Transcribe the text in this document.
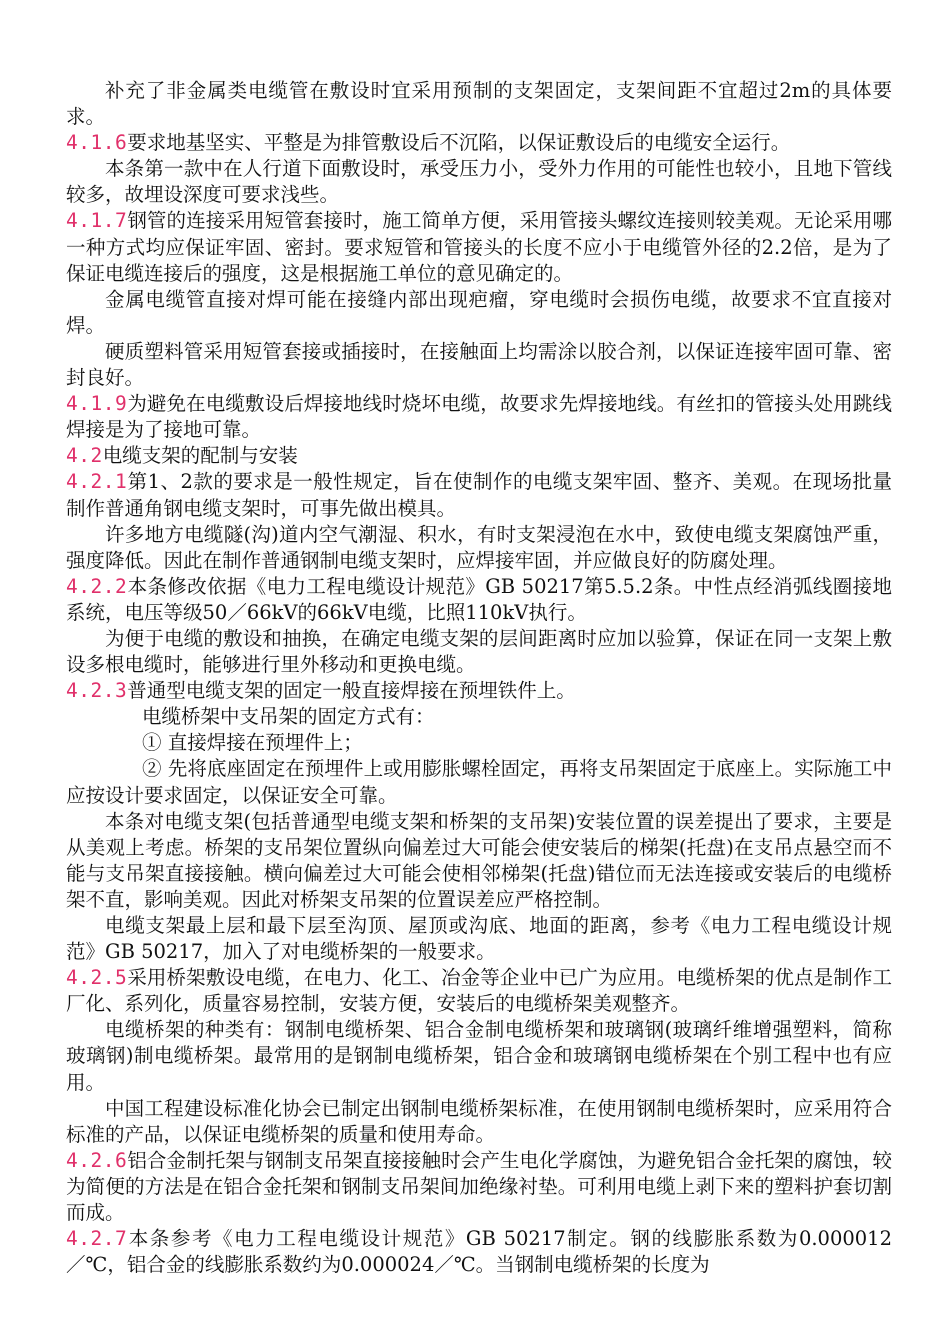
补充了非金属类电缆管在敷设时宜采用预制的支架固定，支架间距不宜超过2m的具体要求。

4.1.6要求地基坚实、平整是为排管敷设后不沉陷，以保证敷设后的电缆安全运行。

本条第一款中在人行道下面敷设时，承受压力小，受外力作用的可能性也较小，且地下管线较多，故埋设深度可要求浅些。

4.1.7钢管的连接采用短管套接时，施工简单方便，采用管接头螺纹连接则较美观。无论采用哪一种方式均应保证牢固、密封。要求短管和管接头的长度不应小于电缆管外径的2.2倍，是为了保证电缆连接后的强度，这是根据施工单位的意见确定的。

金属电缆管直接对焊可能在接缝内部出现疤瘤，穿电缆时会损伤电缆，故要求不宜直接对焊。

硬质塑料管采用短管套接或插接时，在接触面上均需涂以胶合剂，以保证连接牢固可靠、密封良好。

4.1.9为避免在电缆敷设后焊接地线时烧坏电缆，故要求先焊接地线。有丝扣的管接头处用跳线焊接是为了接地可靠。

4.2电缆支架的配制与安装

4.2.1第1、2款的要求是一般性规定，旨在使制作的电缆支架牢固、整齐、美观。在现场批量制作普通角钢电缆支架时，可事先做出模具。

许多地方电缆隧(沟)道内空气潮湿、积水，有时支架浸泡在水中，致使电缆支架腐蚀严重，强度降低。因此在制作普通钢制电缆支架时，应焊接牢固，并应做良好的防腐处理。

4.2.2本条修改依据《电力工程电缆设计规范》GB 50217第5.5.2条。中性点经消弧线圈接地系统，电压等级50／66kV的66kV电缆，比照110kV执行。

为便于电缆的敷设和抽换，在确定电缆支架的层间距离时应加以验算，保证在同一支架上敷设多根电缆时，能够进行里外移动和更换电缆。

4.2.3普通型电缆支架的固定一般直接焊接在预埋铁件上。

电缆桥架中支吊架的固定方式有：

① 直接焊接在预埋件上；

② 先将底座固定在预埋件上或用膨胀螺栓固定，再将支吊架固定于底座上。实际施工中应按设计要求固定，以保证安全可靠。

本条对电缆支架(包括普通型电缆支架和桥架的支吊架)安装位置的误差提出了要求，主要是从美观上考虑。桥架的支吊架位置纵向偏差过大可能会使安装后的梯架(托盘)在支吊点悬空而不能与支吊架直接接触。横向偏差过大可能会使相邻梯架(托盘)错位而无法连接或安装后的电缆桥架不直，影响美观。因此对桥架支吊架的位置误差应严格控制。

电缆支架最上层和最下层至沟顶、屋顶或沟底、地面的距离，参考《电力工程电缆设计规范》GB 50217，加入了对电缆桥架的一般要求。

4.2.5采用桥架敷设电缆，在电力、化工、冶金等企业中已广为应用。电缆桥架的优点是制作工厂化、系列化，质量容易控制，安装方便，安装后的电缆桥架美观整齐。

电缆桥架的种类有：钢制电缆桥架、铝合金制电缆桥架和玻璃钢(玻璃纤维增强塑料，简称玻璃钢)制电缆桥架。最常用的是钢制电缆桥架，铝合金和玻璃钢电缆桥架在个别工程中也有应用。

中国工程建设标准化协会已制定出钢制电缆桥架标准，在使用钢制电缆桥架时，应采用符合标准的产品，以保证电缆桥架的质量和使用寿命。

4.2.6铝合金制托架与钢制支吊架直接接触时会产生电化学腐蚀，为避免铝合金托架的腐蚀，较为简便的方法是在铝合金托架和钢制支吊架间加绝缘衬垫。可利用电缆上剥下来的塑料护套切割而成。

4.2.7本条参考《电力工程电缆设计规范》GB 50217制定。钢的线膨胀系数为0.000012／℃，铝合金的线膨胀系数约为0.000024／℃。当钢制电缆桥架的长度为
